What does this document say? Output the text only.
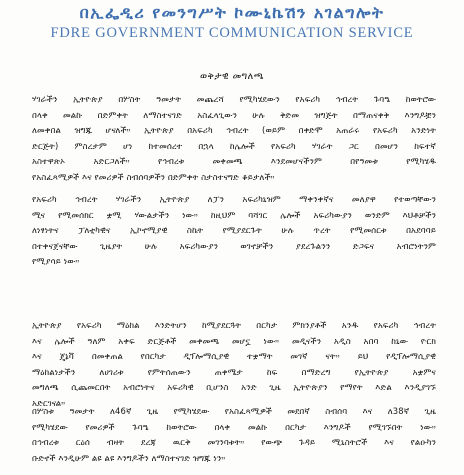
በኢፌዲሪ የመንግሥት ኮሙኒኬሽን አገልግሎት
FDRE GOVERNMENT COMMUNICATION SERVICE
ወቅታዊ መግለጫ
ሃገራችን ኢትዮጵያ በሦስት ዓመታት መጨረሻ የሚካሄደውን የአፍሪካ ኅብረት ጉባዔ ከወትሮው
በላቀ መልኩ በድምቀት ለማስተናገድ አስፈላጊውን ሁሉ ቅድመ ዝግጅት በማጠናቀቅ እንግዶቿን
ለመቀበል ዝግጁ ሆናለች። ኢትዮጵያ በአፍሪካ ኅብረት (ወይም በቀድሞ አጠራሩ የአፍሪካ አንድነት
ድርጅት) ምስረታም ሆነ ከተመሰረተ በኋላ ከሌሎች የአፍሪካ ሃገራት ጋር በመሆን ከፍተኛ
አስተዋጽኦ አድርጋለች። የኅብረቱ መቀመጫ እንደመሆናችንም በየዓመቱ የሚካሄዱ
የአስፈጻሚዎች እና የመሪዎች ስብሰባዎችን በድምቀት ስታስተናግድ ቆይታለች።
የአፍሪካ ኅብረት ሃገራችን ኢትዮጵያ ለፓን አፍሪካኒዝም ማቀንቀኛና መለያዋ የተወጣቸውን
ሚና የሚመሰክር ቋሚ ሃውልታችን ነው። ከዚህም ባሻገር ሌሎች አፍሪካውያን ወንድም እህቶቻችን
ለነፃነትና ፓለቲካዊና ኢኮኖሚያዊ ስኬት የሚያደርጉት ሁሉ ጥረት የሚመሰርቱ በአደባባይ
በተቀናጀናቸው ጊዜያት ሁሉ አፍሪካውያን ወገኖቻችን ያደረጉልንን ድጋፍና አብሮነትንም
የሚያሳይ ነው።
ኢትዮጵያ የአፍሪካ ማዕከል እንድትሆን ከሚያደርጓት በርካታ ምክንያቶች አንዱ የአፍሪካ ኅብረት
እና ሌሎች ዓለም አቀፍ ድርጅቶች መቀመጫ መሆኗ ነው። መዲናችን አዲስ አበባ ከኒው ዮርክ
እና ጄኔቫ በመቀጠል የበርካታ ዲፕሎማሲያዊ ተቋማት መገኛ ናት። ይህ የዲፕሎማሲያዊ
ማዕከልነታችን ለሀገሪቱ የምትሰጠውን ጠቀሜታ ከፍ በማድረግ የኢትዮጵያ አቋምና
መግለጫ ሲጨመርበት አብሮነትና አፍሪካዊ ቢሆንስ አንድ ጊዜ ኢትዮጵያን የማየት እድል እንዲያገኙ
አድርገናል።
በሦስቱ ዓመታት ለ46ኛ ጊዜ የሚካሄደው የአስፈጻሚዎች መደበኛ ስብሰባ እና ለ38ኛ ጊዜ
የሚካሄደው የመሪዎች ጉባዔ ከወትሮው በላቀ መልኩ በርካታ እንግዶች የሚገኙበት ነው።
በኅብረቱ ርዕሰ ብዛት ደረጃ ዉርቅ መገንባቱት። የውጭ ጉዳይ ሚኒስትሮች እና የልዑካን
ቡድኖች እንዲሁም ልዩ ልዩ እንግዶችን ለማስተናገድ ዝግጁ ነን።
